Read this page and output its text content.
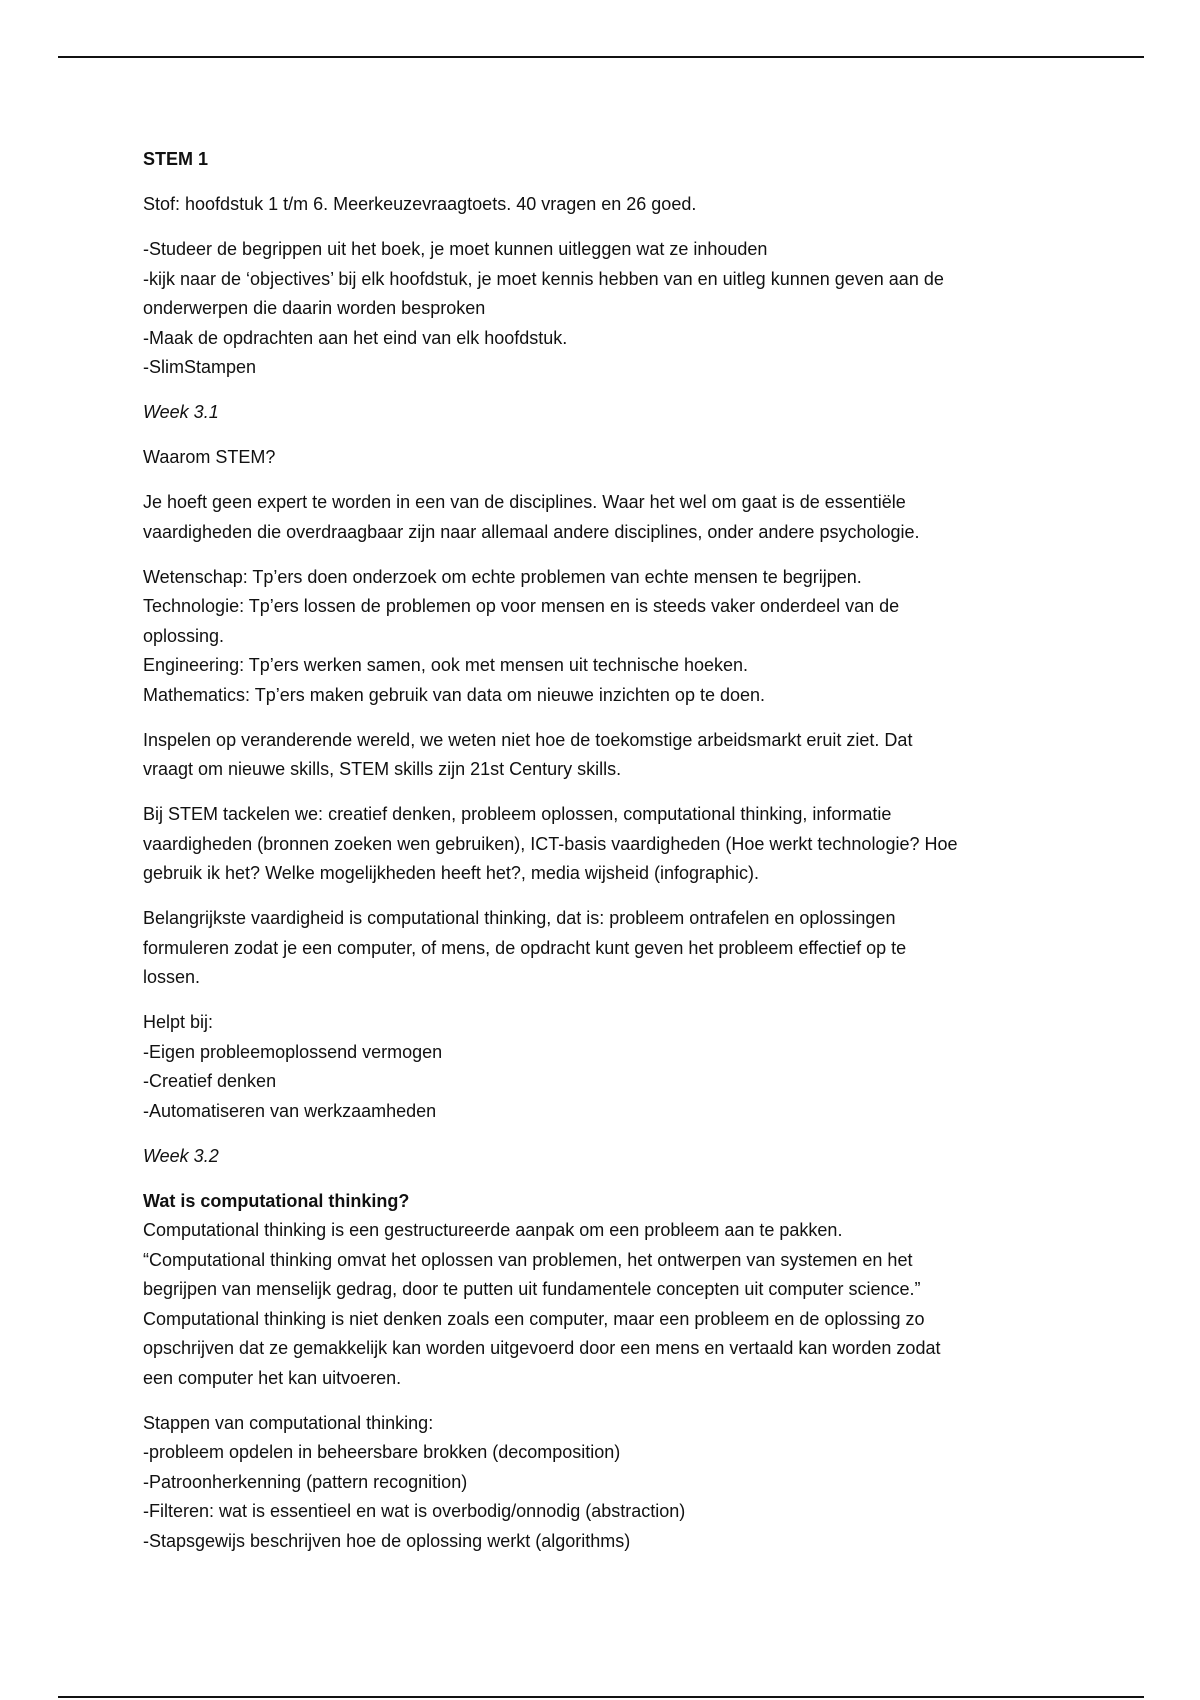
STEM 1

Stof: hoofdstuk 1 t/m 6. Meerkeuzevraagtoets. 40 vragen en 26 goed.

-Studeer de begrippen uit het boek, je moet kunnen uitleggen wat ze inhouden
-kijk naar de ‘objectives’ bij elk hoofdstuk, je moet kennis hebben van en uitleg kunnen geven aan de
onderwerpen die daarin worden besproken
-Maak de opdrachten aan het eind van elk hoofdstuk.
-SlimStampen

Week 3.1

Waarom STEM?

Je hoeft geen expert te worden in een van de disciplines. Waar het wel om gaat is de essentiële
vaardigheden die overdraagbaar zijn naar allemaal andere disciplines, onder andere psychologie.

Wetenschap: Tp’ers doen onderzoek om echte problemen van echte mensen te begrijpen.
Technologie: Tp’ers lossen de problemen op voor mensen en is steeds vaker onderdeel van de
oplossing.
Engineering: Tp’ers werken samen, ook met mensen uit technische hoeken.
Mathematics: Tp’ers maken gebruik van data om nieuwe inzichten op te doen.

Inspelen op veranderende wereld, we weten niet hoe de toekomstige arbeidsmarkt eruit ziet. Dat
vraagt om nieuwe skills, STEM skills zijn 21st Century skills.

Bij STEM tackelen we: creatief denken, probleem oplossen, computational thinking, informatie
vaardigheden (bronnen zoeken wen gebruiken), ICT-basis vaardigheden (Hoe werkt technologie? Hoe
gebruik ik het? Welke mogelijkheden heeft het?, media wijsheid (infographic).

Belangrijkste vaardigheid is computational thinking, dat is: probleem ontrafelen en oplossingen
formuleren zodat je een computer, of mens, de opdracht kunt geven het probleem effectief op te
lossen.

Helpt bij:
-Eigen probleemoplossend vermogen
-Creatief denken
-Automatiseren van werkzaamheden

Week 3.2

Wat is computational thinking?
Computational thinking is een gestructureerde aanpak om een probleem aan te pakken.
“Computational thinking omvat het oplossen van problemen, het ontwerpen van systemen en het
begrijpen van menselijk gedrag, door te putten uit fundamentele concepten uit computer science.”
Computational thinking is niet denken zoals een computer, maar een probleem en de oplossing zo
opschrijven dat ze gemakkelijk kan worden uitgevoerd door een mens en vertaald kan worden zodat
een computer het kan uitvoeren.

Stappen van computational thinking:
-probleem opdelen in beheersbare brokken (decomposition)
-Patroonherkenning (pattern recognition)
-Filteren: wat is essentieel en wat is overbodig/onnodig (abstraction)
-Stapsgewijs beschrijven hoe de oplossing werkt (algorithms)
